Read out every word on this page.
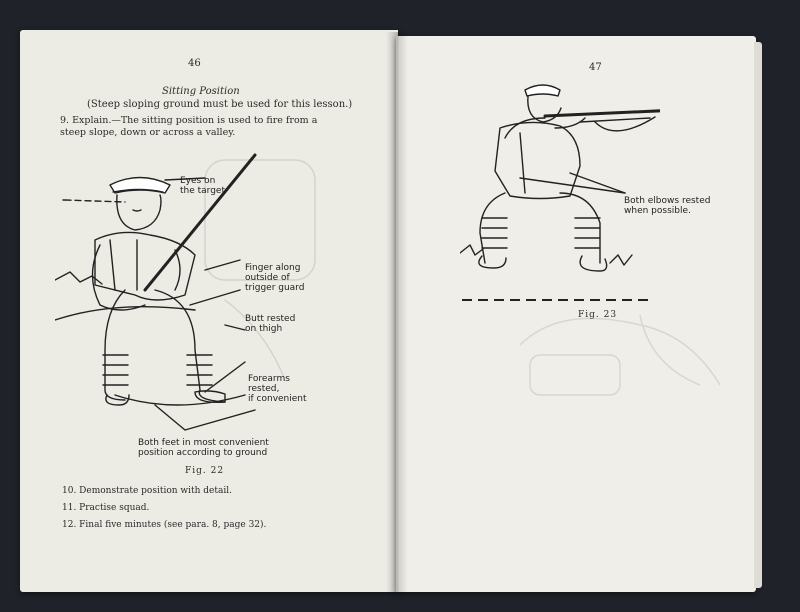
46
Sitting Position
(Steep sloping ground must be used for this lesson.)
9. Explain.—The sitting position is used to fire from a
steep slope, down or across a valley.
Eyes on
the target
Finger along
outside of
trigger guard
Butt rested
on thigh
Forearms
rested,
if convenient
Both feet in most convenient
position according to ground
Fig. 22
10. Demonstrate position with detail.
11. Practise squad.
12. Final five minutes (see para. 8, page 32).
47
Both elbows rested
when possible.
Fig. 23
